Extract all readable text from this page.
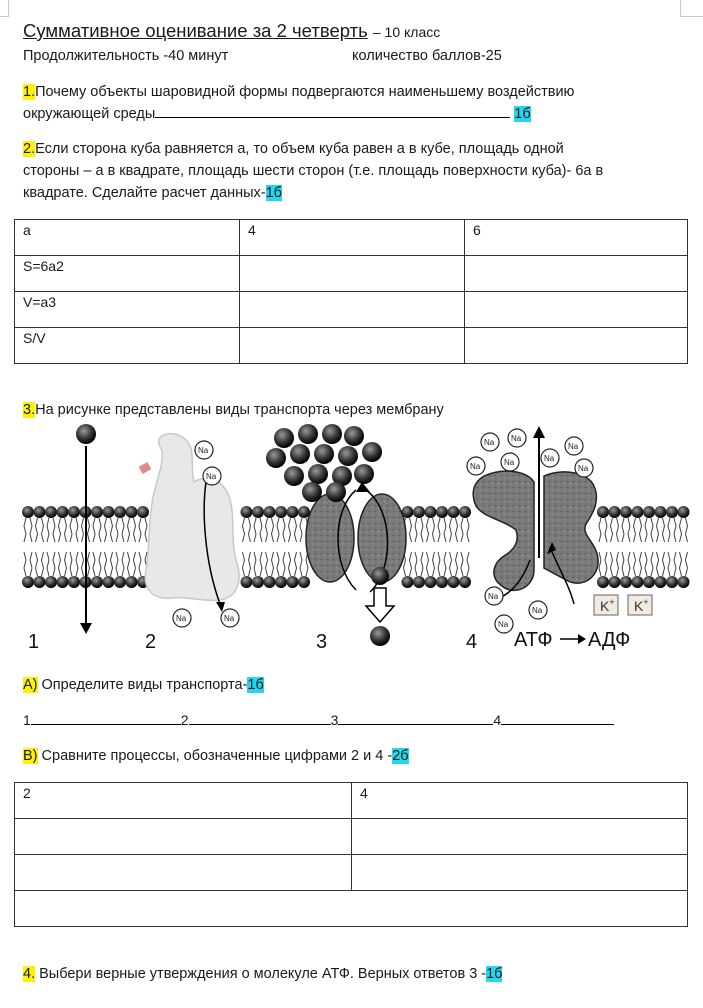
Суммативное оценивание за 2 четверть – 10 класс
Продолжительность -40 минут	количество баллов-25
1.Почему объекты шаровидной формы подвергаются наименьшему воздействию
окружающей среды	1б
2.Если сторона куба равняется а, то объем куба равен а в кубе, площадь одной
стороны – а в квадрате, площадь шести сторон (т.е. площадь поверхности куба)- 6а в
квадрате. Сделайте расчет данных-1б
а	4	6
S=6a2		
V=a3		
S/V		
3.На рисунке представлены виды транспорта через мембрану
Na
Na
Na	Na
Na Na
Na	Na	Na
Na
Na
Na
Na
Na
K+ K+
АТФ АДФ
1	2	3	4
А) Определите виды транспорта-1б
1	2	3	4
В) Сравните процессы, обозначенные цифрами 2 и 4 -2б
2	4

4. Выбери верные утверждения о молекуле АТФ. Верных ответов 3 -1б
